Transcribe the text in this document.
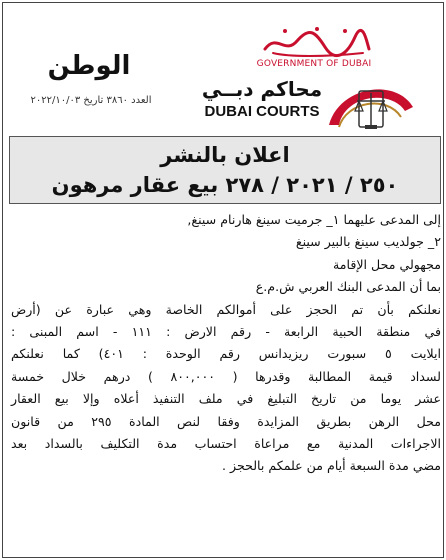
GOVERNMENT OF DUBAI
محاكم دبــي
DUBAI COURTS
الوطن
العدد ٣٨٦٠ تاريخ ٢٠٢٢/١٠/٠٣
اعلان بالنشر
٢٥٠ / ٢٠٢١ / ٢٧٨ بيع عقار مرهون
إلى المدعى عليهما ١_ جرميت سينغ هارنام سينغ,
٢_ جولديب سينغ بالبير سينغ
مجهولي محل الإقامة
بما أن المدعى البنك العربي ش.م.ع
نعلنكم بأن تم الحجز على أموالكم الخاصة وهي عبارة عن (أرض
في منطقة الحبية الرابعة - رقم الارض : ١١١ - اسم المبنى :
ايلايت ٥ سبورت ريزيدانس رقم الوحدة : ٤٠١) كما نعلنكم
لسداد قيمة المطالبة وقدرها ( ٨٠٠,٠٠٠ ) درهم خلال خمسة
عشر يوما من تاريخ التبليغ في ملف التنفيذ أعلاه وإلا بيع العقار
محل الرهن بطريق المزايدة وفقا لنص المادة ٢٩٥ من قانون
الاجراءات المدنية مع مراعاة احتساب مدة التكليف بالسداد بعد
مضي مدة السبعة أيام من علمكم بالحجز .
